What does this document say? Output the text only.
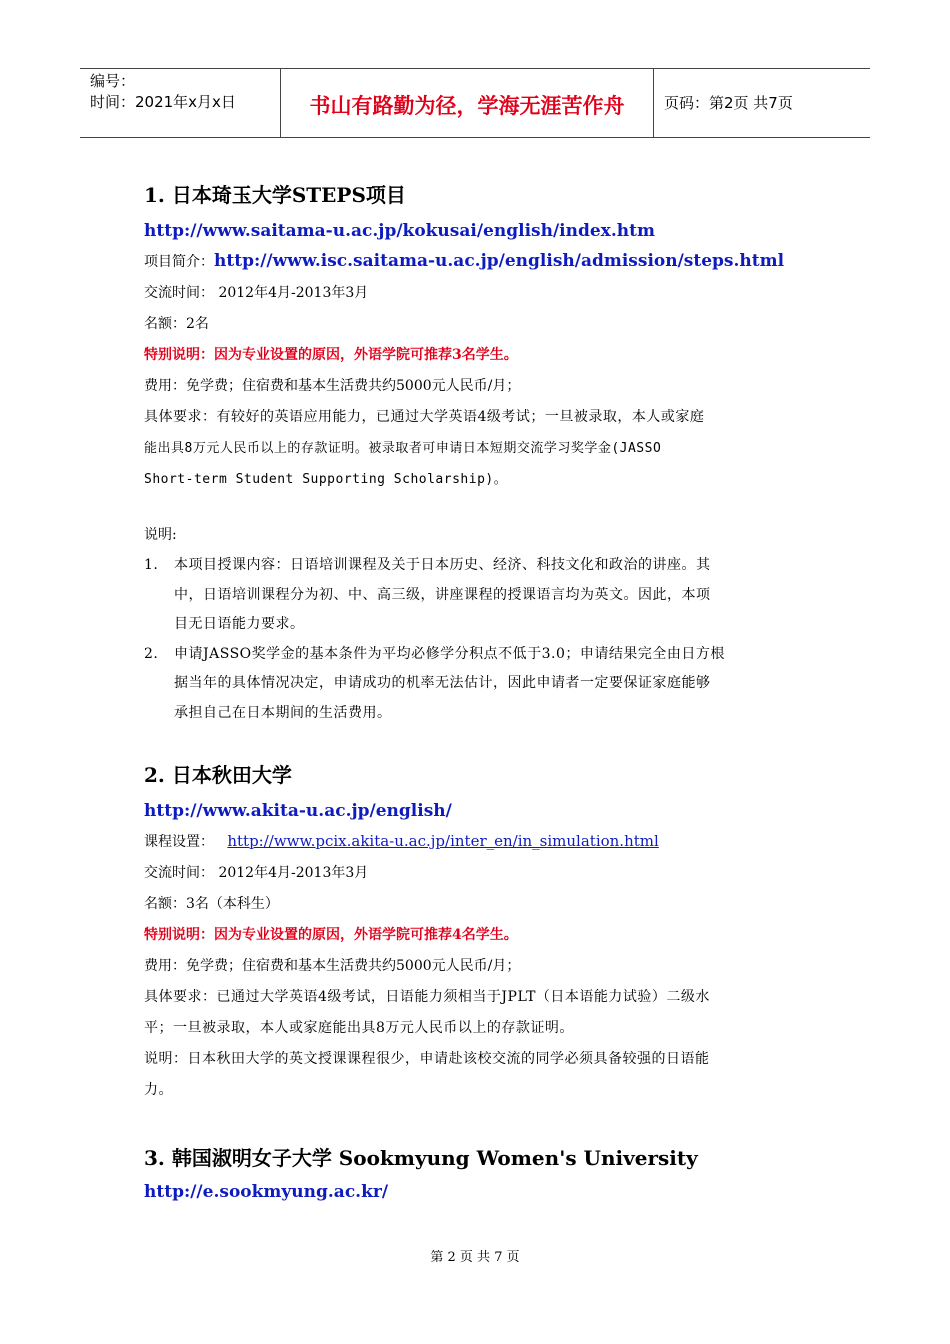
编号：
时间：2021年x月x日	书山有路勤为径，学海无涯苦作舟	页码：第2页 共7页
1. 日本琦玉大学STEPS项目
http://www.saitama-u.ac.jp/kokusai/english/index.htm

项目简介：http://www.isc.saitama-u.ac.jp/english/admission/steps.html

交流时间： 2012年4月-2013年3月

名额：2名

特别说明：因为专业设置的原因，外语学院可推荐3名学生。

费用：免学费；住宿费和基本生活费共约5000元人民币/月；

具体要求：有较好的英语应用能力，已通过大学英语4级考试；一旦被录取，本人或家庭

能出具8万元人民币以上的存款证明。被录取者可申请日本短期交流学习奖学金(JASSO

Short-term Student Supporting Scholarship)。

说明:

1. 本项目授课内容：日语培训课程及关于日本历史、经济、科技文化和政治的讲座。其
中，日语培训课程分为初、中、高三级，讲座课程的授课语言均为英文。因此，本项
目无日语能力要求。
2. 申请JASSO奖学金的基本条件为平均必修学分积点不低于3.0；申请结果完全由日方根
据当年的具体情况决定，申请成功的机率无法估计，因此申请者一定要保证家庭能够
承担自己在日本期间的生活费用。
2. 日本秋田大学
http://www.akita-u.ac.jp/english/

课程设置：   http://www.pcix.akita-u.ac.jp/inter_en/in_simulation.html

交流时间： 2012年4月-2013年3月

名额：3名（本科生）

特别说明：因为专业设置的原因，外语学院可推荐4名学生。

费用：免学费；住宿费和基本生活费共约5000元人民币/月；

具体要求：已通过大学英语4级考试，日语能力须相当于JPLT（日本语能力试验）二级水

平；一旦被录取，本人或家庭能出具8万元人民币以上的存款证明。

说明：日本秋田大学的英文授课课程很少，申请赴该校交流的同学必须具备较强的日语能

力。

3. 韩国淑明女子大学 Sookmyung Women's University
http://e.sookmyung.ac.kr/
第 2 页 共 7 页
